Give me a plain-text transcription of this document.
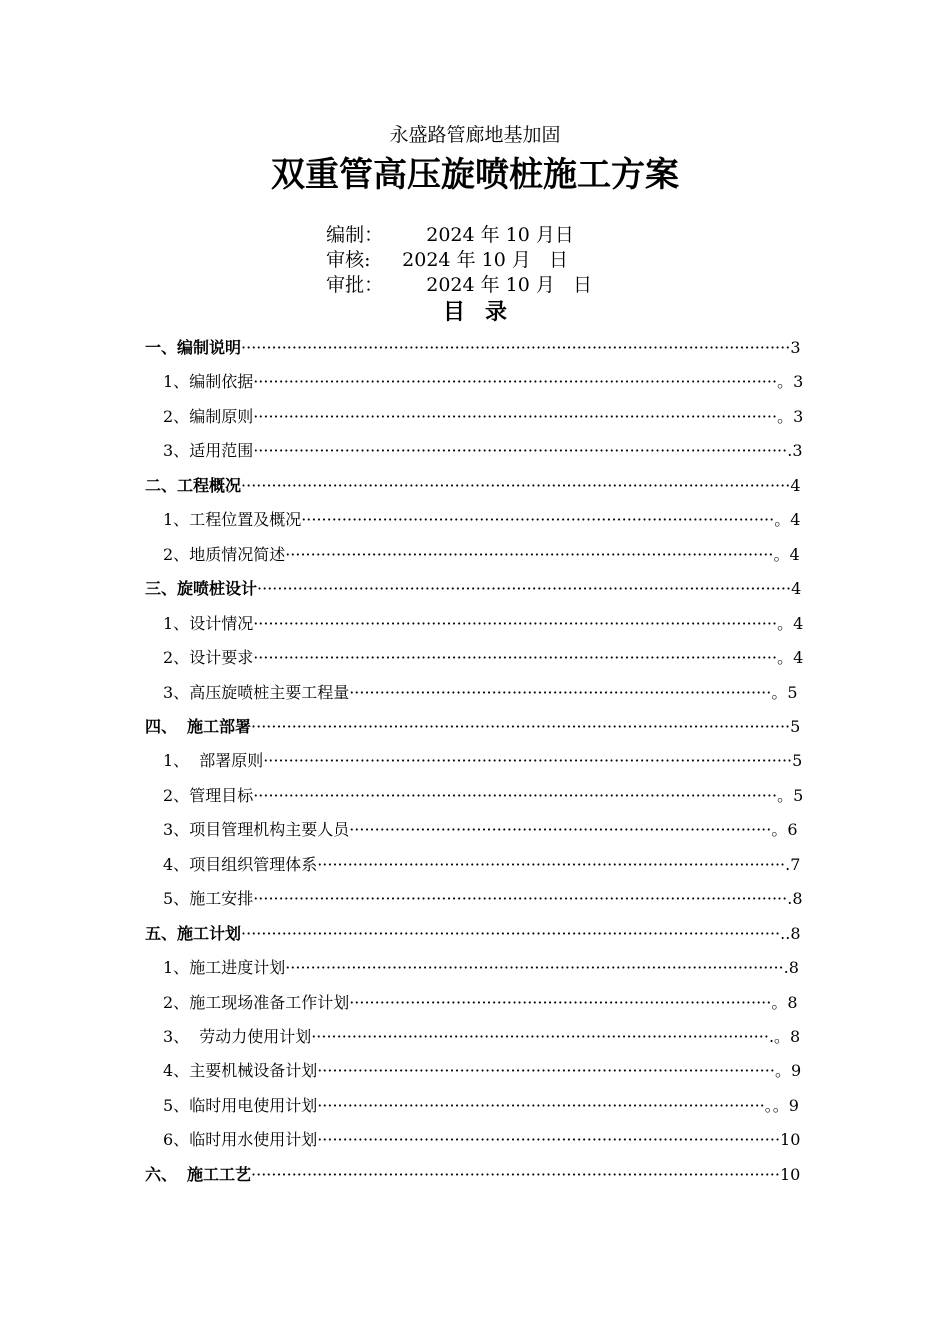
永盛路管廊地基加固
双重管高压旋喷桩施工方案

编制：  2024 年 10 月日

审核: 2024 年 10 月   日

审批：  2024 年 10 月   日

目录
一、编制说明············································································································3
1、编制依据·······································································································。3
2、编制原则·······································································································。3
3、适用范围·········································································································.3
二、工程概况············································································································4
1、工程位置及概况·····························································································。4
2、地质情况简述································································································。4
三、旋喷桩设计·········································································································4
1、设计情况·······································································································。4
2、设计要求·······································································································。4
3、高压旋喷桩主要工程量···················································································。5
四、 施工部署··········································································································5
1、 部署原则········································································································5
2、管理目标·······································································································。5
3、项目管理机构主要人员···················································································。6
4、项目组织管理体系····························································································.7
5、施工安排·········································································································.8
五、施工计划··········································································································..8
1、施工进度计划··································································································.8
2、施工现场准备工作计划···················································································。8
3、 劳动力使用计划··························································································.。8
4、主要机械设备计划··························································································。9
5、临时用电使用计划························································································。。9
6、临时用水使用计划···························································································10
六、 施工工艺········································································································10
